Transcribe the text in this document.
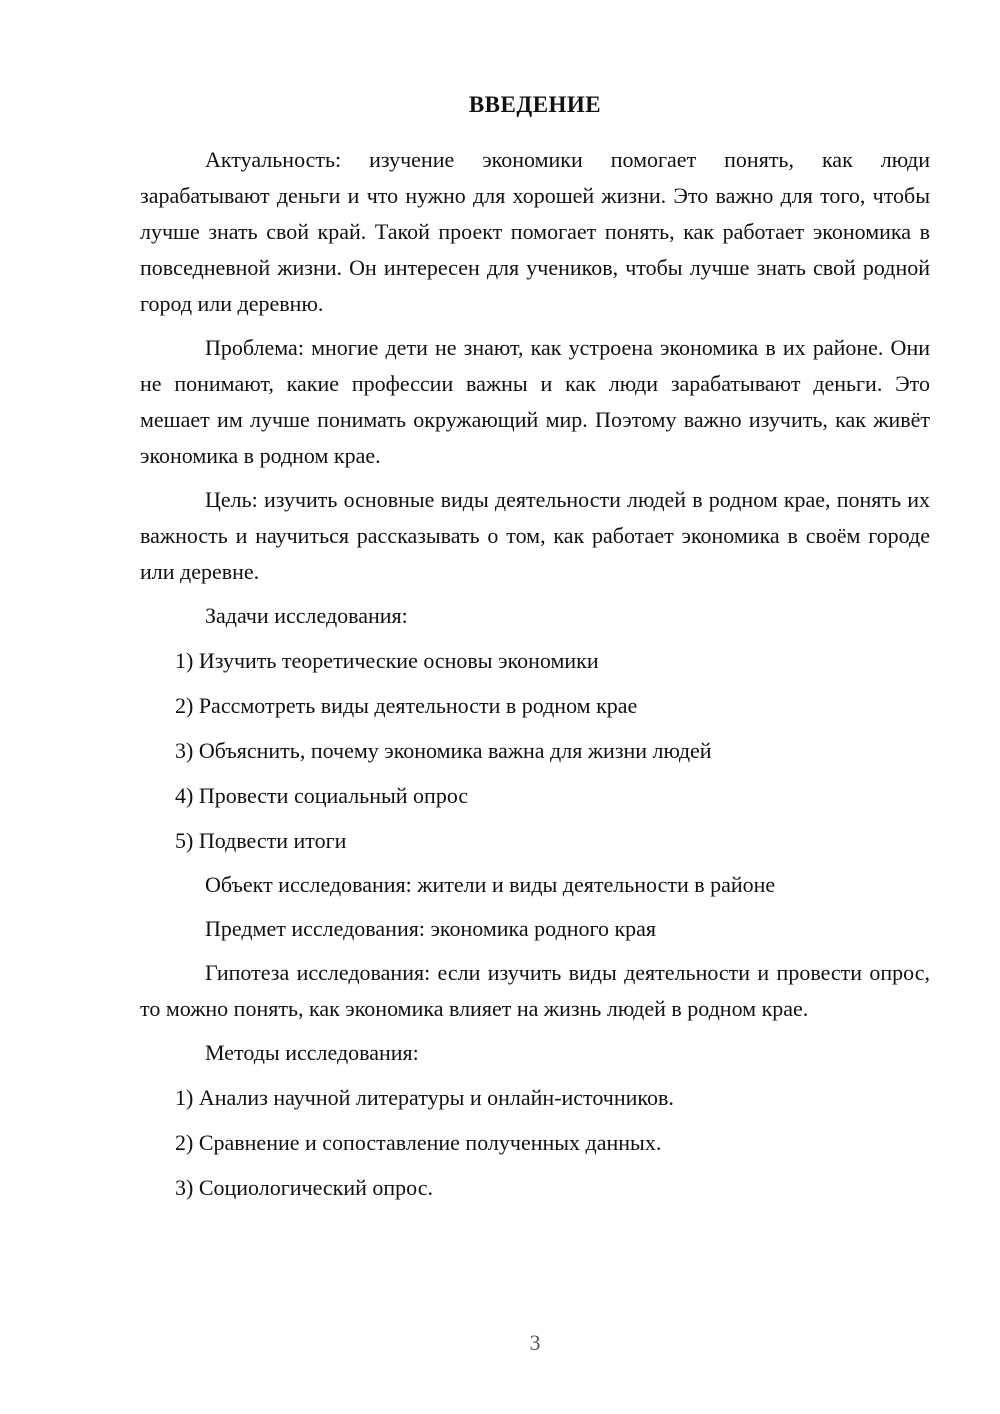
ВВЕДЕНИЕ

Актуальность: изучение экономики помогает понять, как люди зарабатывают деньги и что нужно для хорошей жизни. Это важно для того, чтобы лучше знать свой край. Такой проект помогает понять, как работает экономика в повседневной жизни. Он интересен для учеников, чтобы лучше знать свой родной город или деревню.

Проблема: многие дети не знают, как устроена экономика в их районе. Они не понимают, какие профессии важны и как люди зарабатывают деньги. Это мешает им лучше понимать окружающий мир. Поэтому важно изучить, как живёт экономика в родном крае.

Цель: изучить основные виды деятельности людей в родном крае, понять их важность и научиться рассказывать о том, как работает экономика в своём городе или деревне.

Задачи исследования:

1) Изучить теоретические основы экономики

2) Рассмотреть виды деятельности в родном крае

3) Объяснить, почему экономика важна для жизни людей

4) Провести социальный опрос

5) Подвести итоги

Объект исследования: жители и виды деятельности в районе

Предмет исследования: экономика родного края

Гипотеза исследования: если изучить виды деятельности и провести опрос, то можно понять, как экономика влияет на жизнь людей в родном крае.

Методы исследования:

1) Анализ научной литературы и онлайн-источников.

2) Сравнение и сопоставление полученных данных.

3) Социологический опрос.

3
